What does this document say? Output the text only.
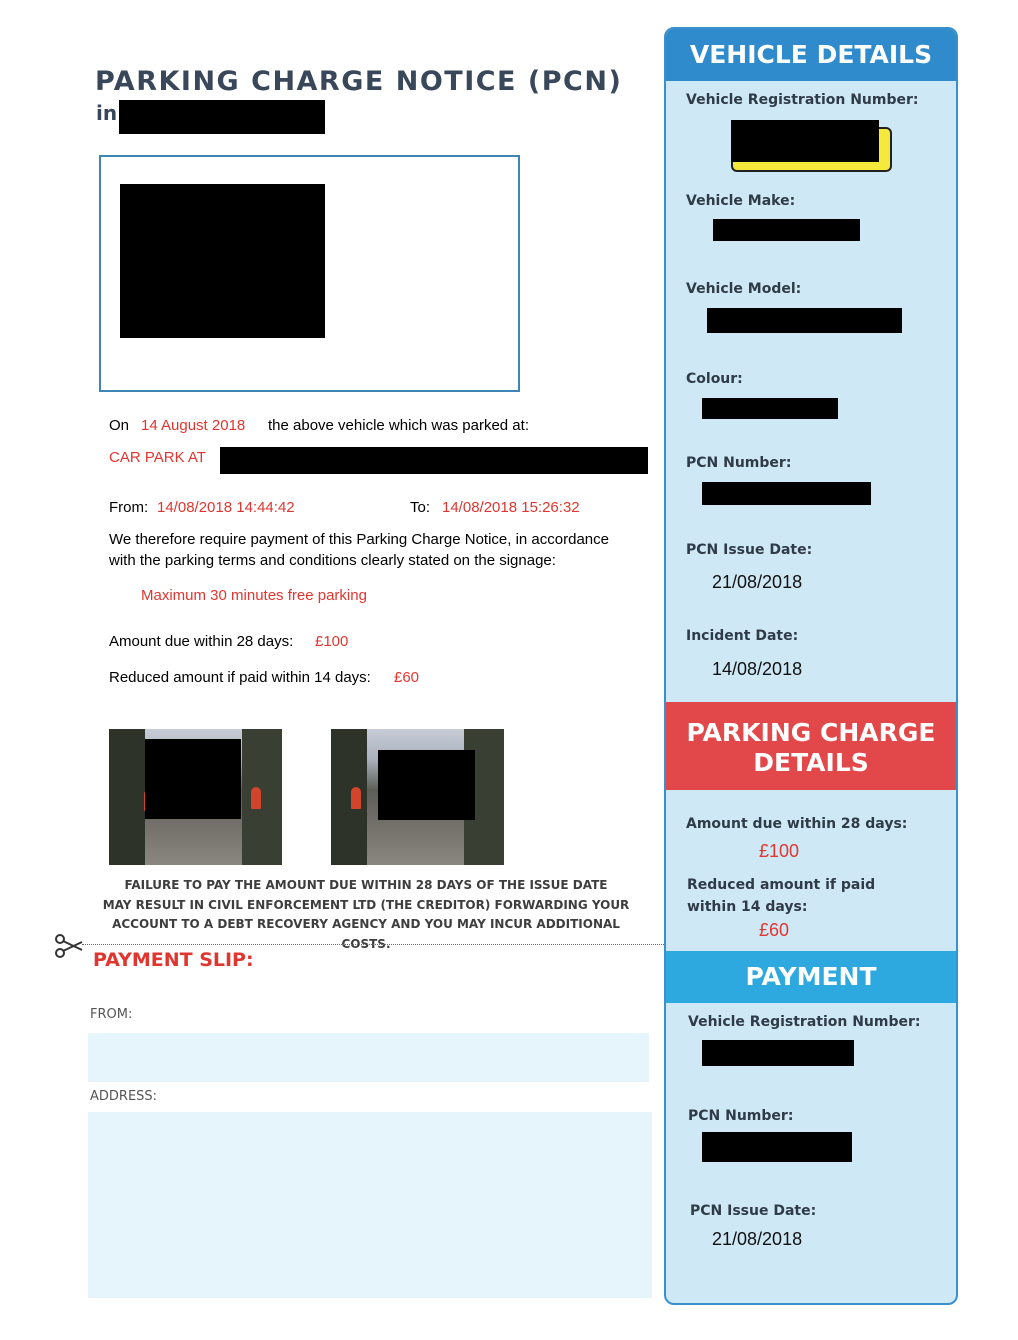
PARKING CHARGE NOTICE (PCN)
in
On 14 August 2018 the above vehicle which was parked at:
CAR PARK AT
From: 14/08/2018 14:44:42	To: 14/08/2018 15:26:32
We therefore require payment of this Parking Charge Notice, in accordance
with the parking terms and conditions clearly stated on the signage:
Maximum 30 minutes free parking
Amount due within 28 days: £100
Reduced amount if paid within 14 days: £60
FAILURE TO PAY THE AMOUNT DUE WITHIN 28 DAYS OF THE ISSUE DATE
MAY RESULT IN CIVIL ENFORCEMENT LTD (THE CREDITOR) FORWARDING YOUR
ACCOUNT TO A DEBT RECOVERY AGENCY AND YOU MAY INCUR ADDITIONAL COSTS.
PAYMENT SLIP:
FROM:
ADDRESS:
VEHICLE DETAILS
Vehicle Registration Number:
Vehicle Make:
Vehicle Model:
Colour:
PCN Number:
PCN Issue Date:
21/08/2018
Incident Date:
14/08/2018
PARKING CHARGE
DETAILS
Amount due within 28 days:
£100
Reduced amount if paid
within 14 days:
£60
PAYMENT
Vehicle Registration Number:
PCN Number:
PCN Issue Date:
21/08/2018
